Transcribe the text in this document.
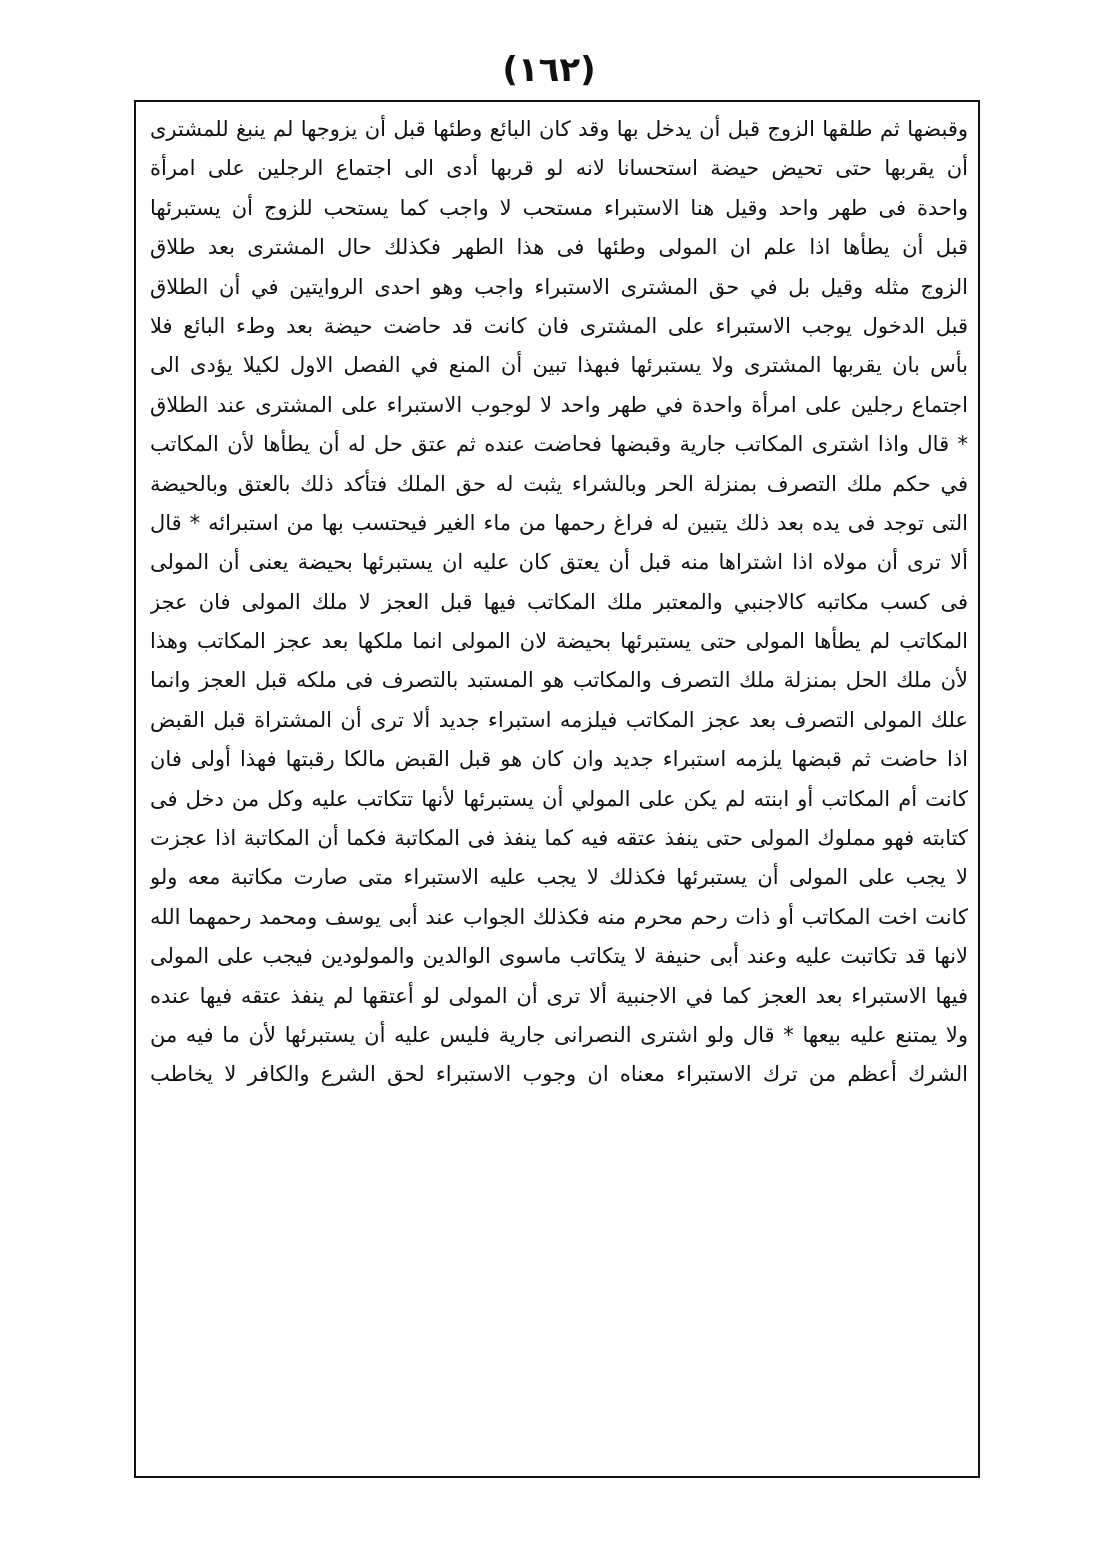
(١٦٢)
وقبضها ثم طلقها الزوج قبل أن يدخل بها وقد كان البائع وطئها قبل أن يزوجها لم ينبغ للمشترى
أن يقربها حتى تحيض حيضة استحسانا لانه لو قربها أدى الى اجتماع الرجلين على امرأة
واحدة فى طهر واحد وقيل هنا الاستبراء مستحب لا واجب كما يستحب للزوج أن يستبرئها
قبل أن يطأها اذا علم ان المولى وطئها فى هذا الطهر فكذلك حال المشترى بعد طلاق
الزوج مثله وقيل بل في حق المشترى الاستبراء واجب وهو احدى الروايتين في أن الطلاق
قبل الدخول يوجب الاستبراء على المشترى فان كانت قد حاضت حيضة بعد وطء البائع فلا
بأس بان يقربها المشترى ولا يستبرئها فبهذا تبين أن المنع في الفصل الاول لكيلا يؤدى الى
اجتماع رجلين على امرأة واحدة في طهر واحد لا لوجوب الاستبراء على المشترى عند الطلاق
* قال واذا اشترى المكاتب جارية وقبضها فحاضت عنده ثم عتق حل له أن يطأها لأن المكاتب
في حكم ملك التصرف بمنزلة الحر وبالشراء يثبت له حق الملك فتأكد ذلك بالعتق وبالحيضة
التى توجد فى يده بعد ذلك يتبين له فراغ رحمها من ماء الغير فيحتسب بها من استبرائه * قال
ألا ترى أن مولاه اذا اشتراها منه قبل أن يعتق كان عليه ان يستبرئها بحيضة يعنى أن المولى
فى كسب مكاتبه كالاجنبي والمعتبر ملك المكاتب فيها قبل العجز لا ملك المولى فان عجز
المكاتب لم يطأها المولى حتى يستبرئها بحيضة لان المولى انما ملكها بعد عجز المكاتب وهذا
لأن ملك الحل بمنزلة ملك التصرف والمكاتب هو المستبد بالتصرف فى ملكه قبل العجز وانما
علك المولى التصرف بعد عجز المكاتب فيلزمه استبراء جديد ألا ترى أن المشتراة قبل القبض
اذا حاضت ثم قبضها يلزمه استبراء جديد وان كان هو قبل القبض مالكا رقبتها فهذا أولى فان
كانت أم المكاتب أو ابنته لم يكن على المولي أن يستبرئها لأنها تتكاتب عليه وكل من دخل فى
كتابته فهو مملوك المولى حتى ينفذ عتقه فيه كما ينفذ فى المكاتبة فكما أن المكاتبة اذا عجزت
لا يجب على المولى أن يستبرئها فكذلك لا يجب عليه الاستبراء متى صارت مكاتبة معه ولو
كانت اخت المكاتب أو ذات رحم محرم منه فكذلك الجواب عند أبى يوسف ومحمد رحمهما الله
لانها قد تكاتبت عليه وعند أبى حنيفة لا يتكاتب ماسوى الوالدين والمولودين فيجب على المولى
فيها الاستبراء بعد العجز كما في الاجنبية ألا ترى أن المولى لو أعتقها لم ينفذ عتقه فيها عنده
ولا يمتنع عليه بيعها * قال ولو اشترى النصرانى جارية فليس عليه أن يستبرئها لأن ما فيه من
الشرك أعظم من ترك الاستبراء معناه ان وجوب الاستبراء لحق الشرع والكافر لا يخاطب
